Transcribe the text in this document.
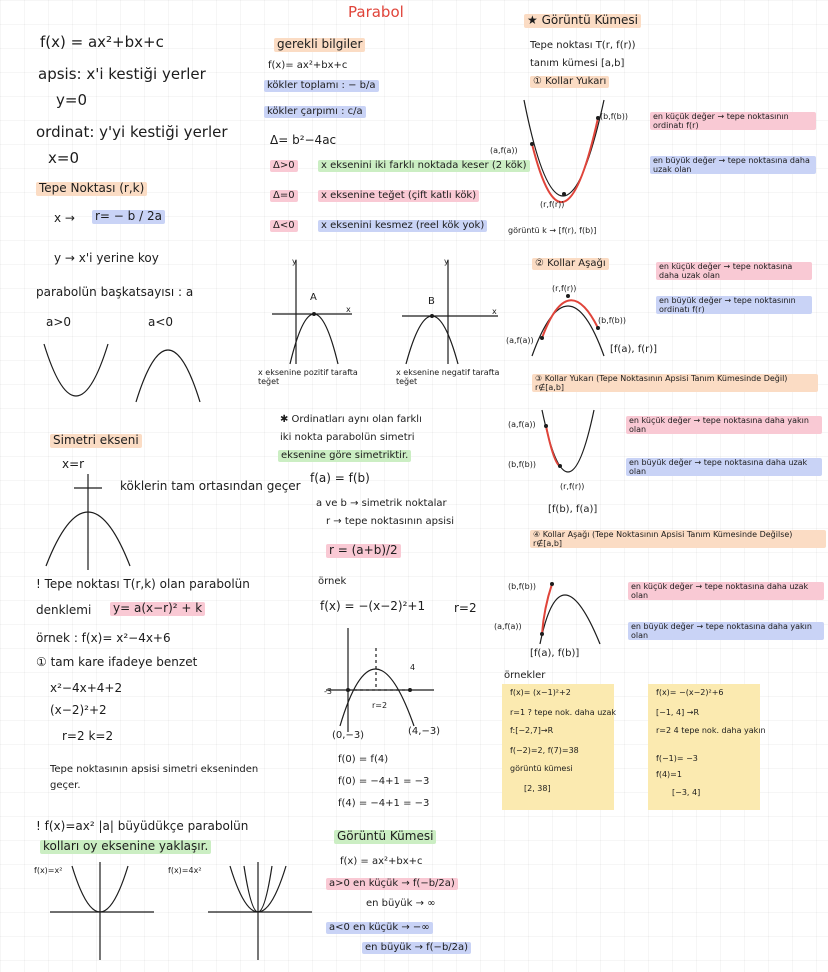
Parabol
f(x) = ax²+bx+c
apsis: x'i kestiği yerler
y=0
ordinat: y'yi kestiği yerler
x=0
Tepe Noktası (r,k)
x → r= − b / 2a
y → x'i yerine koy
parabolün başkatsayısı : a
a>0	a<0
Simetri ekseni
x=r
köklerin tam ortasından geçer
! Tepe noktası T(r,k) olan parabolün
denklemi y= a(x−r)² + k
örnek : f(x)= x²−4x+6
① tam kare ifadeye benzet
x²−4x+4+2
(x−2)²+2
r=2 k=2
Tepe noktasının apsisi simetri ekseninden
geçer.
! f(x)=ax² |a| büyüdükçe parabolün
kolları oy eksenine yaklaşır.
f(x)=x²	f(x)=4x²
gerekli bilgiler
f(x)= ax²+bx+c
kökler toplamı : − b/a
kökler çarpımı : c/a
Δ= b²−4ac
Δ>0	x eksenini iki farklı noktada keser (2 kök)
Δ=0	x eksenine teğet (çift katlı kök)
Δ<0	x eksenini kesmez (reel kök yok)
y
x
A
y
x
B
x eksenine pozitif tarafta teğet
x eksenine negatif tarafta teğet
✱ Ordinatları aynı olan farklı
iki nokta parabolün simetri
eksenine göre simetriktir.
f(a) = f(b)
a ve b → simetrik noktalar
r → tepe noktasının apsisi
r = (a+b)/2
örnek
f(x) = −(x−2)²+1 r=2
-3
4
r=2
(0,−3)	(4,−3)
f(0) = f(4)
f(0) = −4+1 = −3
f(4) = −4+1 = −3
Görüntü Kümesi
f(x) = ax²+bx+c
a>0 en küçük → f(−b/2a)
en büyük → ∞
a<0 en küçük → −∞
en büyük → f(−b/2a)
★ Görüntü Kümesi
Tepe noktası T(r, f(r))
tanım kümesi [a,b]
① Kollar Yukarı
(a,f(a))
(b,f(b))
(r,f(r))
en küçük değer → tepe noktasının ordinatı f(r)
en büyük değer → tepe noktasına daha uzak olan
görüntü k → [f(r), f(b)]
② Kollar Aşağı
(a,f(a))
(b,f(b))
(r,f(r))
en küçük değer → tepe noktasına daha uzak olan
en büyük değer → tepe noktasının ordinatı f(r)
[f(a), f(r)]
③ Kollar Yukarı (Tepe Noktasının Apsisi Tanım Kümesinde Değil) r∉[a,b]
(a,f(a))
(b,f(b))
(r,f(r))
en küçük değer → tepe noktasına daha yakın olan
en büyük değer → tepe noktasına daha uzak olan
[f(b), f(a)]
④ Kollar Aşağı (Tepe Noktasının Apsisi Tanım Kümesinde Değilse) r∉[a,b]
(b,f(b))
(a,f(a))
en küçük değer → tepe noktasına daha uzak olan
en büyük değer → tepe noktasına daha yakın olan
[f(a), f(b)]
örnekler
f(x)= (x−1)²+2
r=1 ? tepe nok. daha uzak
f:[−2,7]→R
f(−2)=2, f(7)=38
görüntü kümesi
[2, 38]
f(x)= −(x−2)²+6
[−1, 4] →R
r=2 4 tepe nok. daha yakın
f(−1)= −3
f(4)=1
[−3, 4]
